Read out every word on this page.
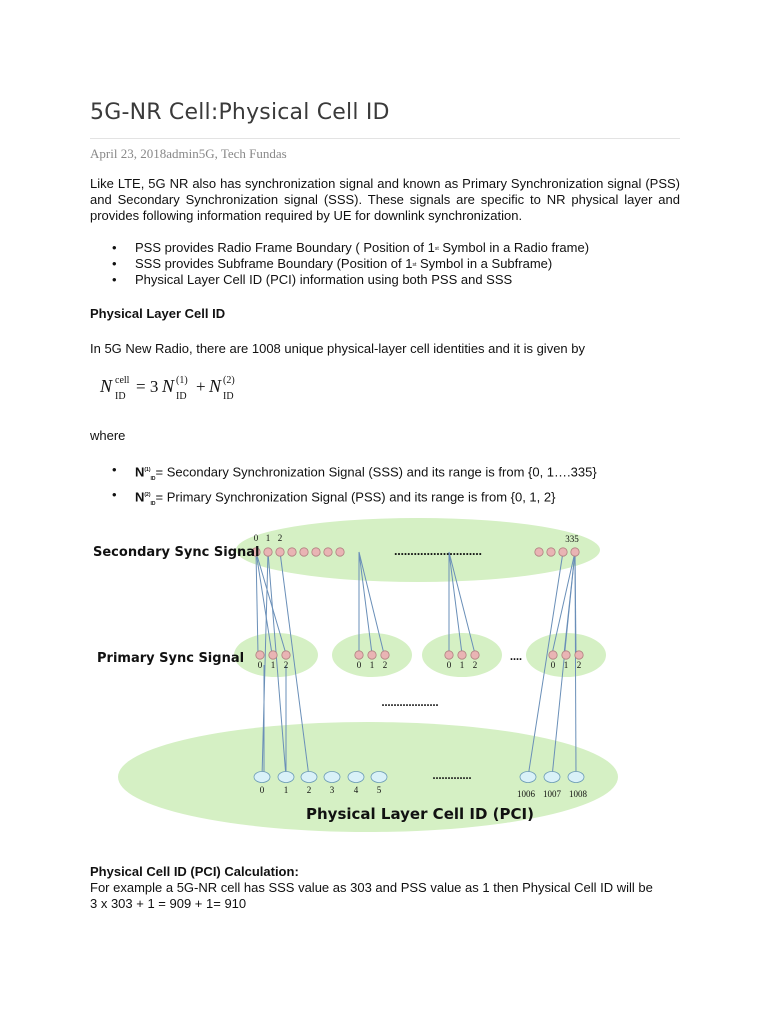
5G-NR Cell:Physical Cell ID
April 23, 2018admin5G, Tech Fundas

Like LTE, 5G NR also has synchronization signal and known as Primary Synchronization signal (PSS) and Secondary Synchronization signal (SSS). These signals are specific to NR physical layer and provides following information required by UE for downlink synchronization.

• PSS provides Radio Frame Boundary ( Position of 1st Symbol in a Radio frame)
• SSS provides Subframe Boundary (Position of 1st Symbol in a Subframe)
• Physical Layer Cell ID (PCI) information using both PSS and SSS
Physical Layer Cell ID

In 5G New Radio, there are 1008 unique physical-layer cell identities and it is given by

N cell
ID
= 3 N (1)
ID
+ N (2)
ID
where
• $N^{(1)}_{ID}=$ Secondary Synchronization Signal (SSS) and its range is from {0, 1….335}
• $N^{(2)}_{ID}=$ Primary Synchronization Signal (PSS) and its range is from {0, 1, 2}
...........................
0 1 2	335
0 1 2	0 1 2	0 1 2	0 1 2
....
...................
0 1 2 3 4 5	1006 1007 1008
.............
Secondary Sync Signal
Primary Sync Signal
Physical Layer Cell ID (PCI)
Physical Cell ID (PCI) Calculation:
For example a 5G-NR cell has SSS value as 303 and PSS value as 1 then Physical Cell ID will be
3 x 303 + 1 = 909 + 1= 910
